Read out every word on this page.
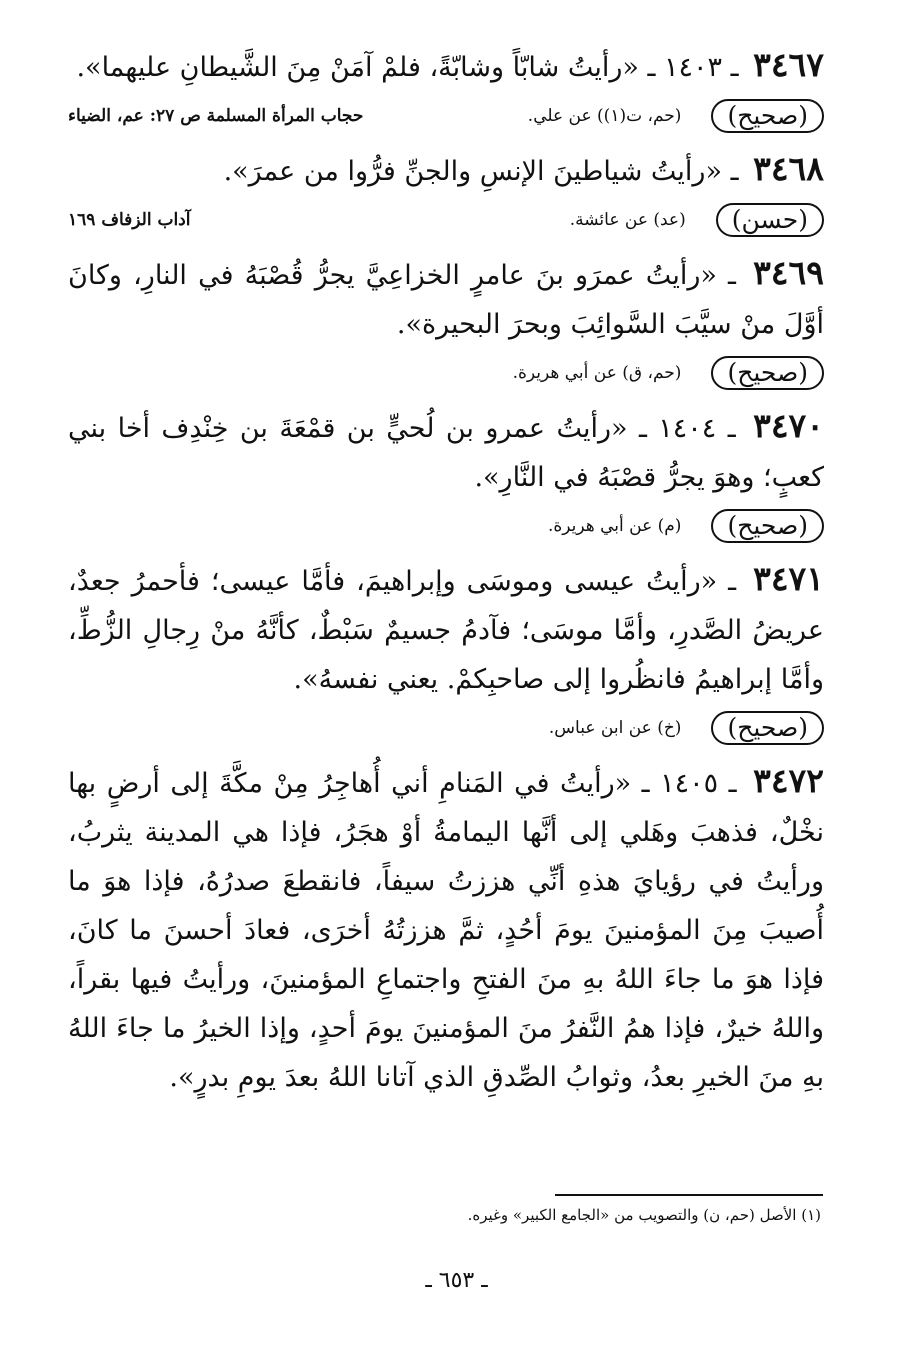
٣٤٦٧ ـ ١٤٠٣ ـ «رأيتُ شابّاً وشابّةً، فلمْ آمَنْ مِنَ الشَّيطانِ عليهما».
(صحيح)
(حم، ت(١)) عن علي.
حجاب المرأة المسلمة ص ٢٧: عم، الضياء
٣٤٦٨ ـ «رأيتُ شياطينَ الإنسِ والجنِّ فرُّوا من عمرَ».
(حسن)
(عد) عن عائشة.
آداب الزفاف ١٦٩
٣٤٦٩ ـ «رأيتُ عمرَو بنَ عامرٍ الخزاعِيَّ يجرُّ قُصْبَهُ في النارِ، وكانَ أوَّلَ منْ سيَّبَ السَّوائِبَ وبحرَ البحيرة».
(صحيح)
(حم، ق) عن أبي هريرة.
٣٤٧٠ ـ ١٤٠٤ ـ «رأيتُ عمرو بن لُحيٍّ بن قمْعَةَ بن خِنْدِف أخا بني كعبٍ؛ وهوَ يجرُّ قصْبَهُ في النَّارِ».
(صحيح)
(م) عن أبي هريرة.
٣٤٧١ ـ «رأيتُ عيسى وموسَى وإبراهيمَ، فأمَّا عيسى؛ فأحمرُ جعدٌ، عريضُ الصَّدرِ، وأمَّا موسَى؛ فآدمُ جسيمٌ سَبْطٌ، كأنَّهُ منْ رِجالِ الزُّطِّ، وأمَّا إبراهيمُ فانظُروا إلى صاحبِكمْ. يعني نفسهُ».
(صحيح)
(خ) عن ابن عباس.
٣٤٧٢ ـ ١٤٠٥ ـ «رأيتُ في المَنامِ أني أُهاجِرُ مِنْ مكَّةَ إلى أرضٍ بها نخْلٌ، فذهبَ وهَلي إلى أنَّها اليمامةُ أوْ هجَرُ، فإذا هي المدينة يثربُ، ورأيتُ في رؤيايَ هذهِ أنِّي هززتُ سيفاً، فانقطعَ صدرُهُ، فإذا هوَ ما أُصيبَ مِنَ المؤمنينَ يومَ أحُدٍ، ثمَّ هززتُهُ أخرَى، فعادَ أحسنَ ما كانَ، فإذا هوَ ما جاءَ اللهُ بهِ منَ الفتحِ واجتماعِ المؤمنينَ، ورأيتُ فيها بقراً، واللهُ خيرٌ، فإذا همُ النَّفرُ منَ المؤمنينَ يومَ أحدٍ، وإذا الخيرُ ما جاءَ اللهُ بهِ منَ الخيرِ بعدُ، وثوابُ الصِّدقِ الذي آتانا اللهُ بعدَ يومِ بدرٍ».
(١) الأصل (حم، ن) والتصويب من «الجامع الكبير» وغيره.
ـ ٦٥٣ ـ
